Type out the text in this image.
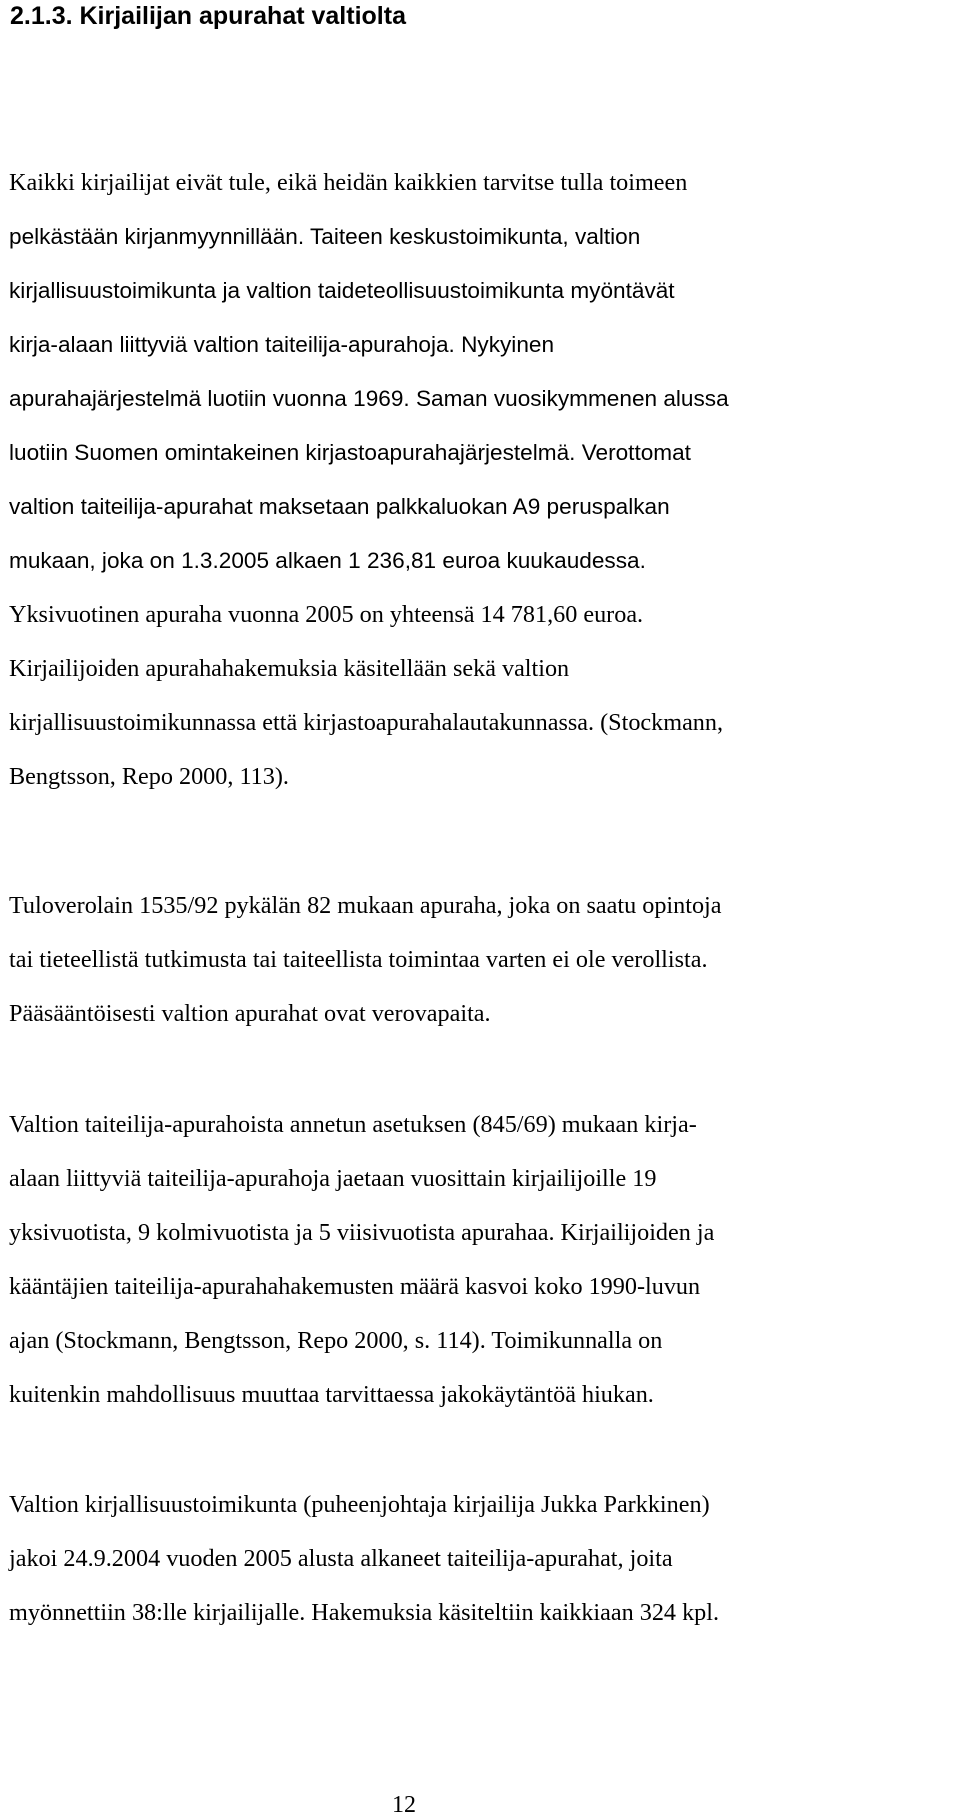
2.1.3. Kirjailijan apurahat valtiolta

Kaikki kirjailijat eivät tule, eikä heidän kaikkien tarvitse tulla toimeen
pelkästään kirjanmyynnillään. Taiteen keskustoimikunta, valtion
kirjallisuustoimikunta ja valtion taideteollisuustoimikunta myöntävät
kirja-alaan liittyviä valtion taiteilija-apurahoja. Nykyinen
apurahajärjestelmä luotiin vuonna 1969. Saman vuosikymmenen alussa
luotiin Suomen omintakeinen kirjastoapurahajärjestelmä. Verottomat
valtion taiteilija-apurahat maksetaan palkkaluokan A9 peruspalkan
mukaan, joka on 1.3.2005 alkaen 1 236,81 euroa kuukaudessa.
Yksivuotinen apuraha vuonna 2005 on yhteensä 14 781,60 euroa.
Kirjailijoiden apurahahakemuksia käsitellään sekä valtion
kirjallisuustoimikunnassa että kirjastoapurahalautakunnassa. (Stockmann,
Bengtsson, Repo 2000, 113).

Tuloverolain 1535/92 pykälän 82 mukaan apuraha, joka on saatu opintoja
tai tieteellistä tutkimusta tai taiteellista toimintaa varten ei ole verollista.
Pääsääntöisesti valtion apurahat ovat verovapaita.

Valtion taiteilija-apurahoista annetun asetuksen (845/69) mukaan kirja-
alaan liittyviä taiteilija-apurahoja jaetaan vuosittain kirjailijoille 19
yksivuotista, 9 kolmivuotista ja 5 viisivuotista apurahaa. Kirjailijoiden ja
kääntäjien taiteilija-apurahahakemusten määrä kasvoi koko 1990-luvun
ajan (Stockmann, Bengtsson, Repo 2000, s. 114). Toimikunnalla on
kuitenkin mahdollisuus muuttaa tarvittaessa jakokäytäntöä hiukan.

Valtion kirjallisuustoimikunta (puheenjohtaja kirjailija Jukka Parkkinen)
jakoi 24.9.2004 vuoden 2005 alusta alkaneet taiteilija-apurahat, joita
myönnettiin 38:lle kirjailijalle. Hakemuksia käsiteltiin kaikkiaan 324 kpl.

12
